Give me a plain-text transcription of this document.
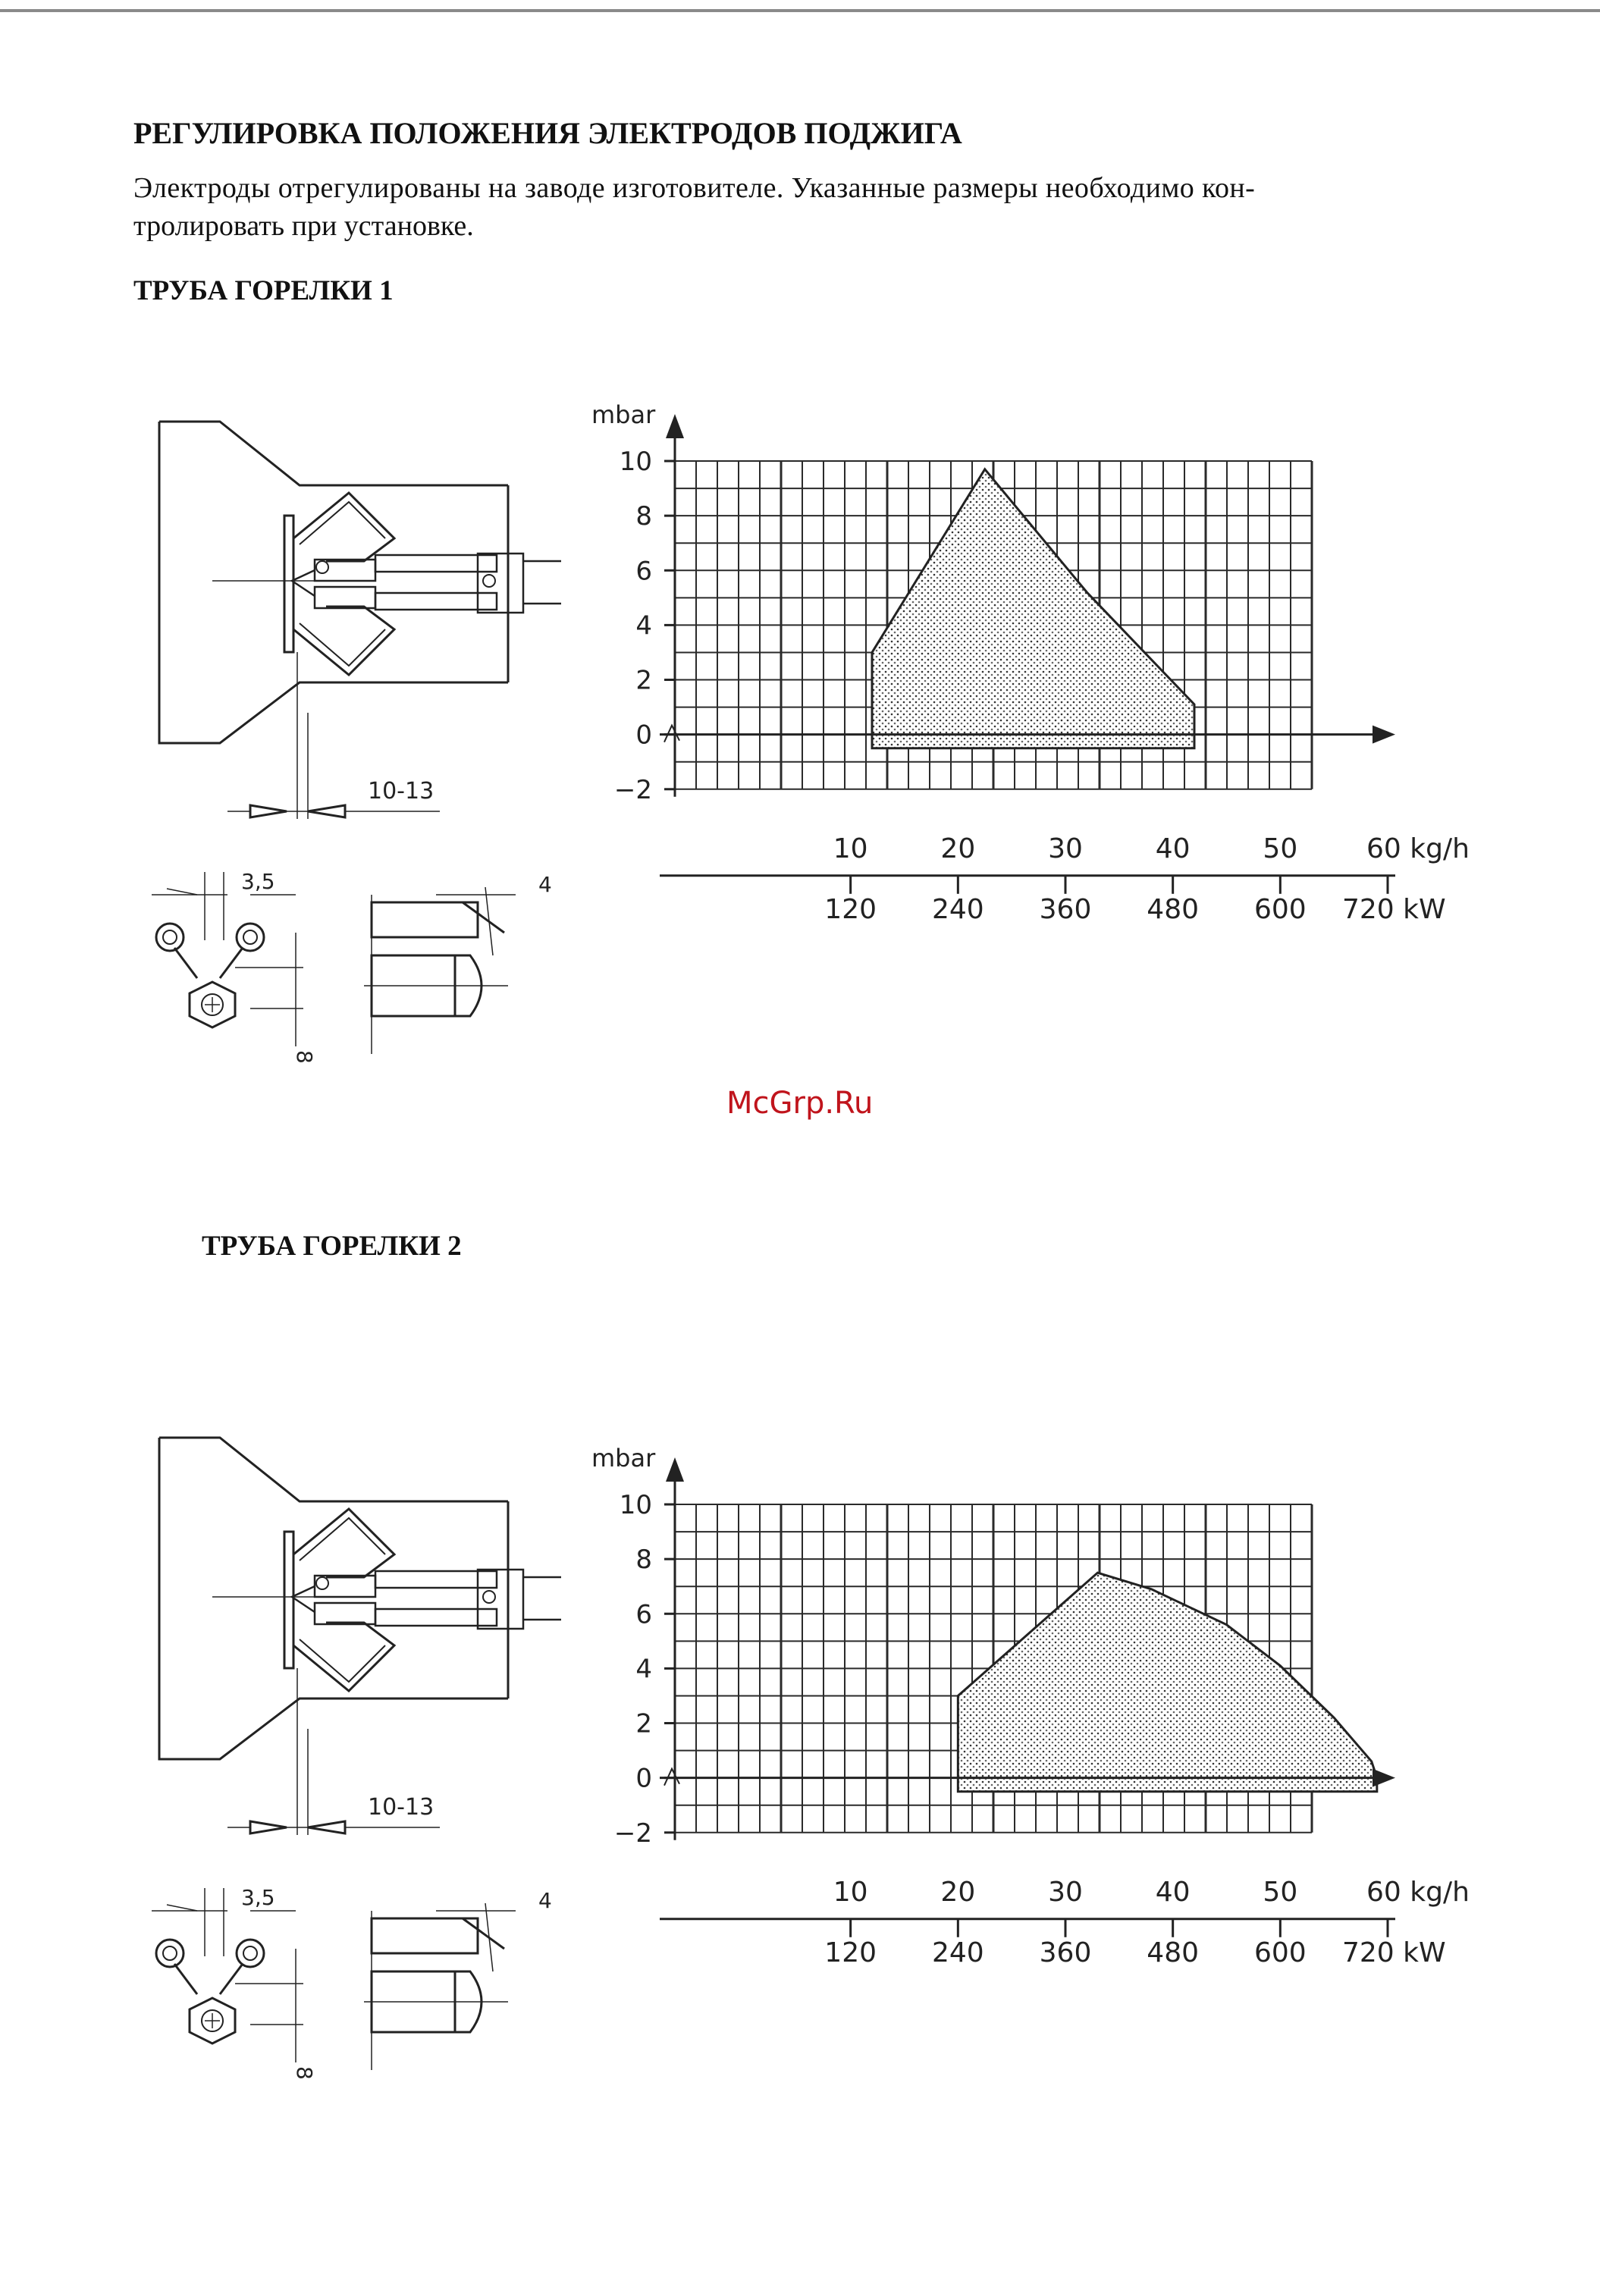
РЕГУЛИРОВКА ПОЛОЖЕНИЯ ЭЛЕКТРОДОВ ПОДЖИГА
Электроды отрегулированы на заводе изготовителе. Указанные размеры необходимо кон-
тролировать при установке.
ТРУБА ГОРЕЛКИ 1
ТРУБА ГОРЕЛКИ 2
McGrp.Ru
10-13
3,5	4
8
10-13
3,5	4
8
mbar
10
8
6
4
2
0
−2
10	20	30	40	50	60 kg/h
120 240 360 480 600 720 kW
mbar
10
8
6
4
2
0
−2
10	20	30	40	50	60 kg/h
120 240 360 480 600 720 kW
